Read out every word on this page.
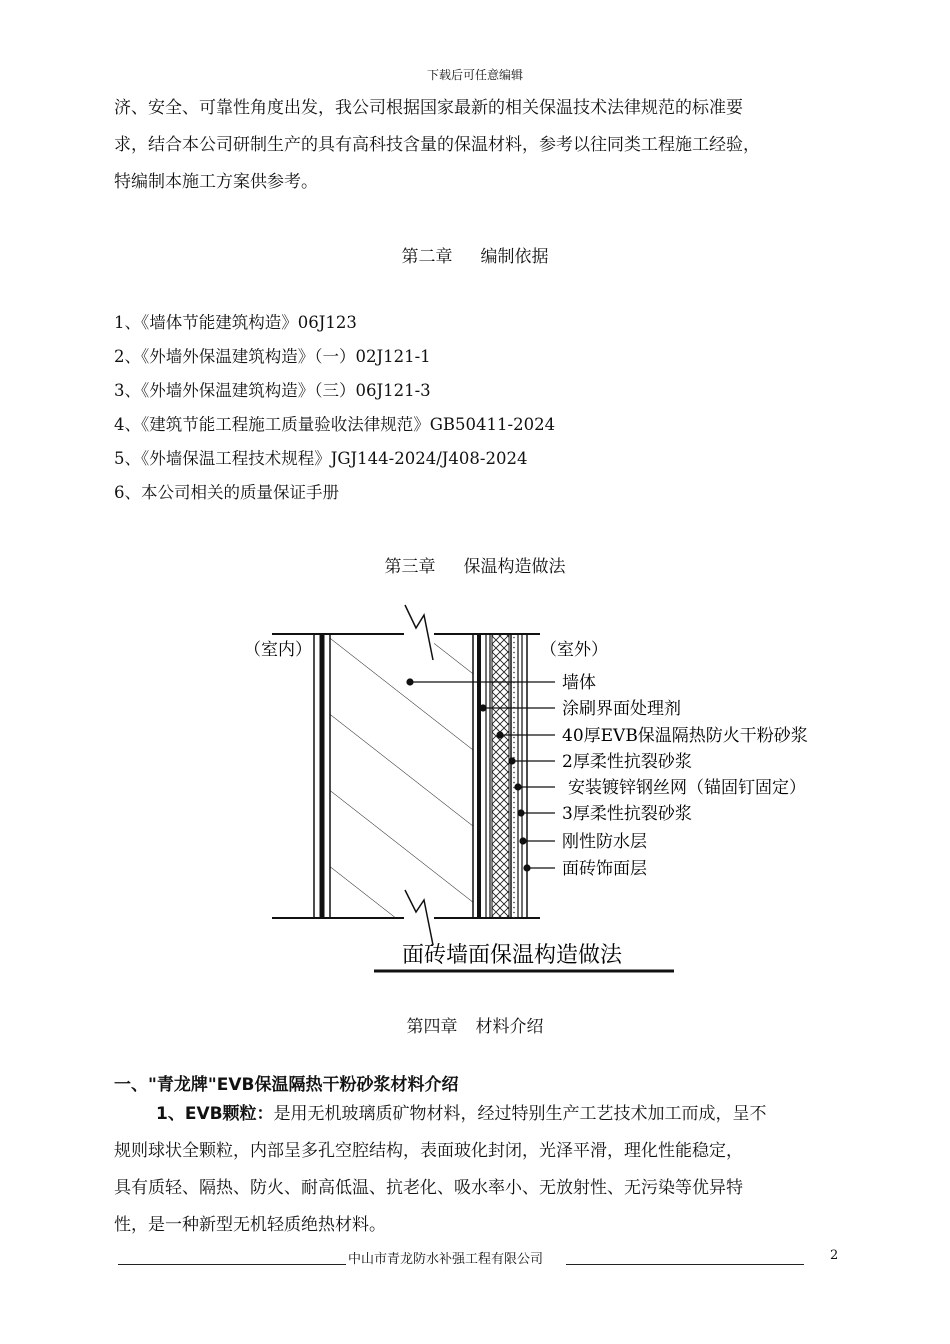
下载后可任意编辑
济、安全、可靠性角度出发，我公司根据国家最新的相关保温技术法律规范的标准要
求，结合本公司研制生产的具有高科技含量的保温材料，参考以往同类工程施工经验，
特编制本施工方案供参考。
第二章 编制依据
1、《墙体节能建筑构造》06J123
2、《外墙外保温建筑构造》（一）02J121-1
3、《外墙外保温建筑构造》（三）06J121-3
4、《建筑节能工程施工质量验收法律规范》GB50411-2024
5、《外墙保温工程技术规程》JGJ144-2024/J408-2024
6、本公司相关的质量保证手册
第三章 保温构造做法
（室内）	（室外）
墙体
涂刷界面处理剂
40厚EVB保温隔热防火干粉砂浆
2厚柔性抗裂砂浆
安装镀锌钢丝网（锚固钉固定）
3厚柔性抗裂砂浆
刚性防水层
面砖饰面层
面砖墙面保温构造做法
第四章 材料介绍
一、"青龙牌"EVB保温隔热干粉砂浆材料介绍
1、EVB颗粒：是用无机玻璃质矿物材料，经过特别生产工艺技术加工而成，呈不
规则球状全颗粒，内部呈多孔空腔结构，表面玻化封闭，光泽平滑，理化性能稳定，
具有质轻、隔热、防火、耐高低温、抗老化、吸水率小、无放射性、无污染等优异特
性，是一种新型无机轻质绝热材料。
中山市青龙防水补强工程有限公司	2
